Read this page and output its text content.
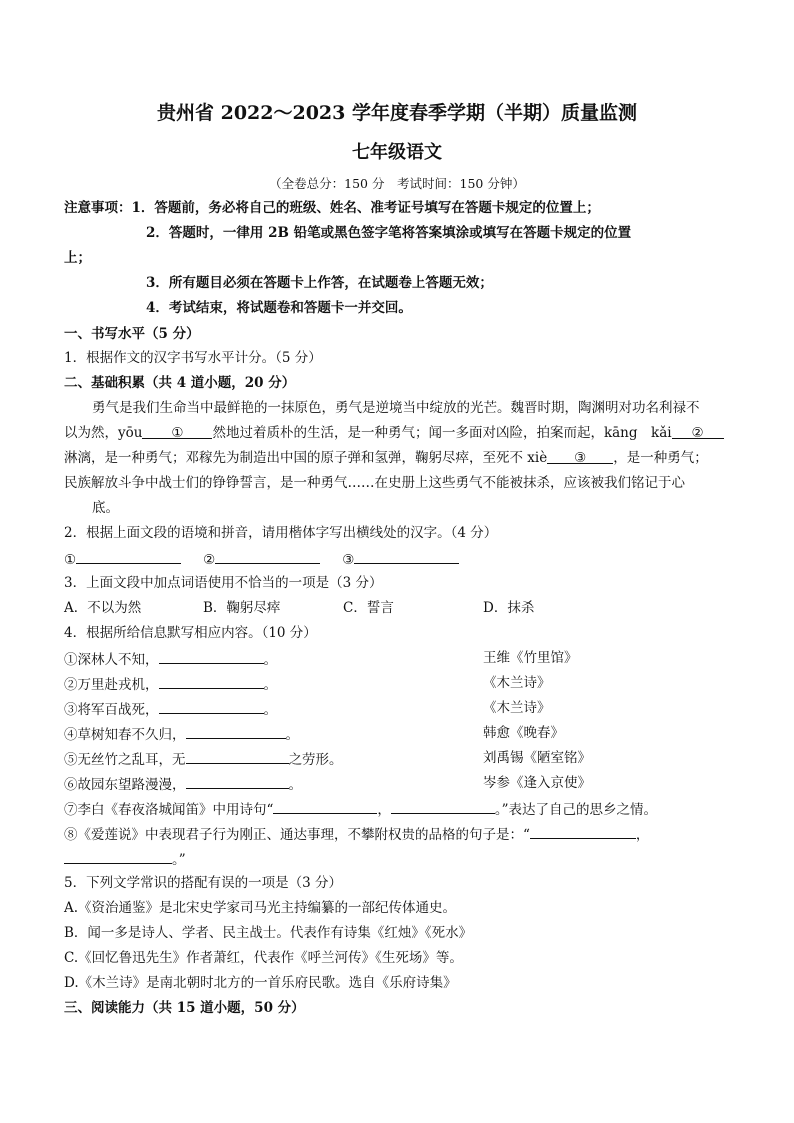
贵州省 2022～2023 学年度春季学期（半期）质量监测
七年级语文
（全卷总分：150 分　考试时间：150 分钟）
注意事项：1．答题前，务必将自己的班级、姓名、准考证号填写在答题卡规定的位置上；
2．答题时，一律用 2B 铅笔或黑色签字笔将答案填涂或填写在答题卡规定的位置
上；
3．所有题目必须在答题卡上作答，在试题卷上答题无效；
4．考试结束，将试题卷和答题卡一并交回。
一、书写水平（5 分）
1．根据作文的汉字书写水平计分。（5 分）
二、基础积累（共 4 道小题，20 分）
勇气是我们生命当中最鲜艳的一抹原色，勇气是逆境当中绽放的光芒。魏晋时期，陶渊明对功名利禄不
以为然，yōu ① 然地过着质朴的生活，是一种勇气；闻一多面对凶险，拍案而起，kāng　kǎi ②
淋漓，是一种勇气；邓稼先为制造出中国的原子弹和氢弹，鞠躬尽瘁，至死不 xiè ③ ，是一种勇气；
民族解放斗争中战士们的铮铮誓言，是一种勇气……在史册上这些勇气不能被抹杀，应该被我们铭记于心
底。
2．根据上面文段的语境和拼音，请用楷体字写出横线处的汉字。（4 分）
①	②	③
3．上面文段中加点词语使用不恰当的一项是（3 分）
A．不以为然	B．鞠躬尽瘁	C．誓言	D．抹杀
4．根据所给信息默写相应内容。（10 分）
①深林人不知，	。	王维《竹里馆》
②万里赴戎机，	。	《木兰诗》
③将军百战死，	。	《木兰诗》
④草树知春不久归，	。	韩愈《晚春》
⑤无丝竹之乱耳，无	之劳形。	刘禹锡《陋室铭》
⑥故园东望路漫漫，	。	岑参《逢入京使》
⑦李白《春夜洛城闻笛》中用诗句“	，	。”表达了自己的思乡之情。
⑧《爱莲说》中表现君子行为刚正、通达事理，不攀附权贵的品格的句子是：“	，
。”
5．下列文学常识的搭配有误的一项是（3 分）
A.《资治通鉴》是北宋史学家司马光主持编纂的一部纪传体通史。
B．闻一多是诗人、学者、民主战士。代表作有诗集《红烛》《死水》
C.《回忆鲁迅先生》作者萧红，代表作《呼兰河传》《生死场》等。
D.《木兰诗》是南北朝时北方的一首乐府民歌。选自《乐府诗集》
三、阅读能力（共 15 道小题，50 分）
